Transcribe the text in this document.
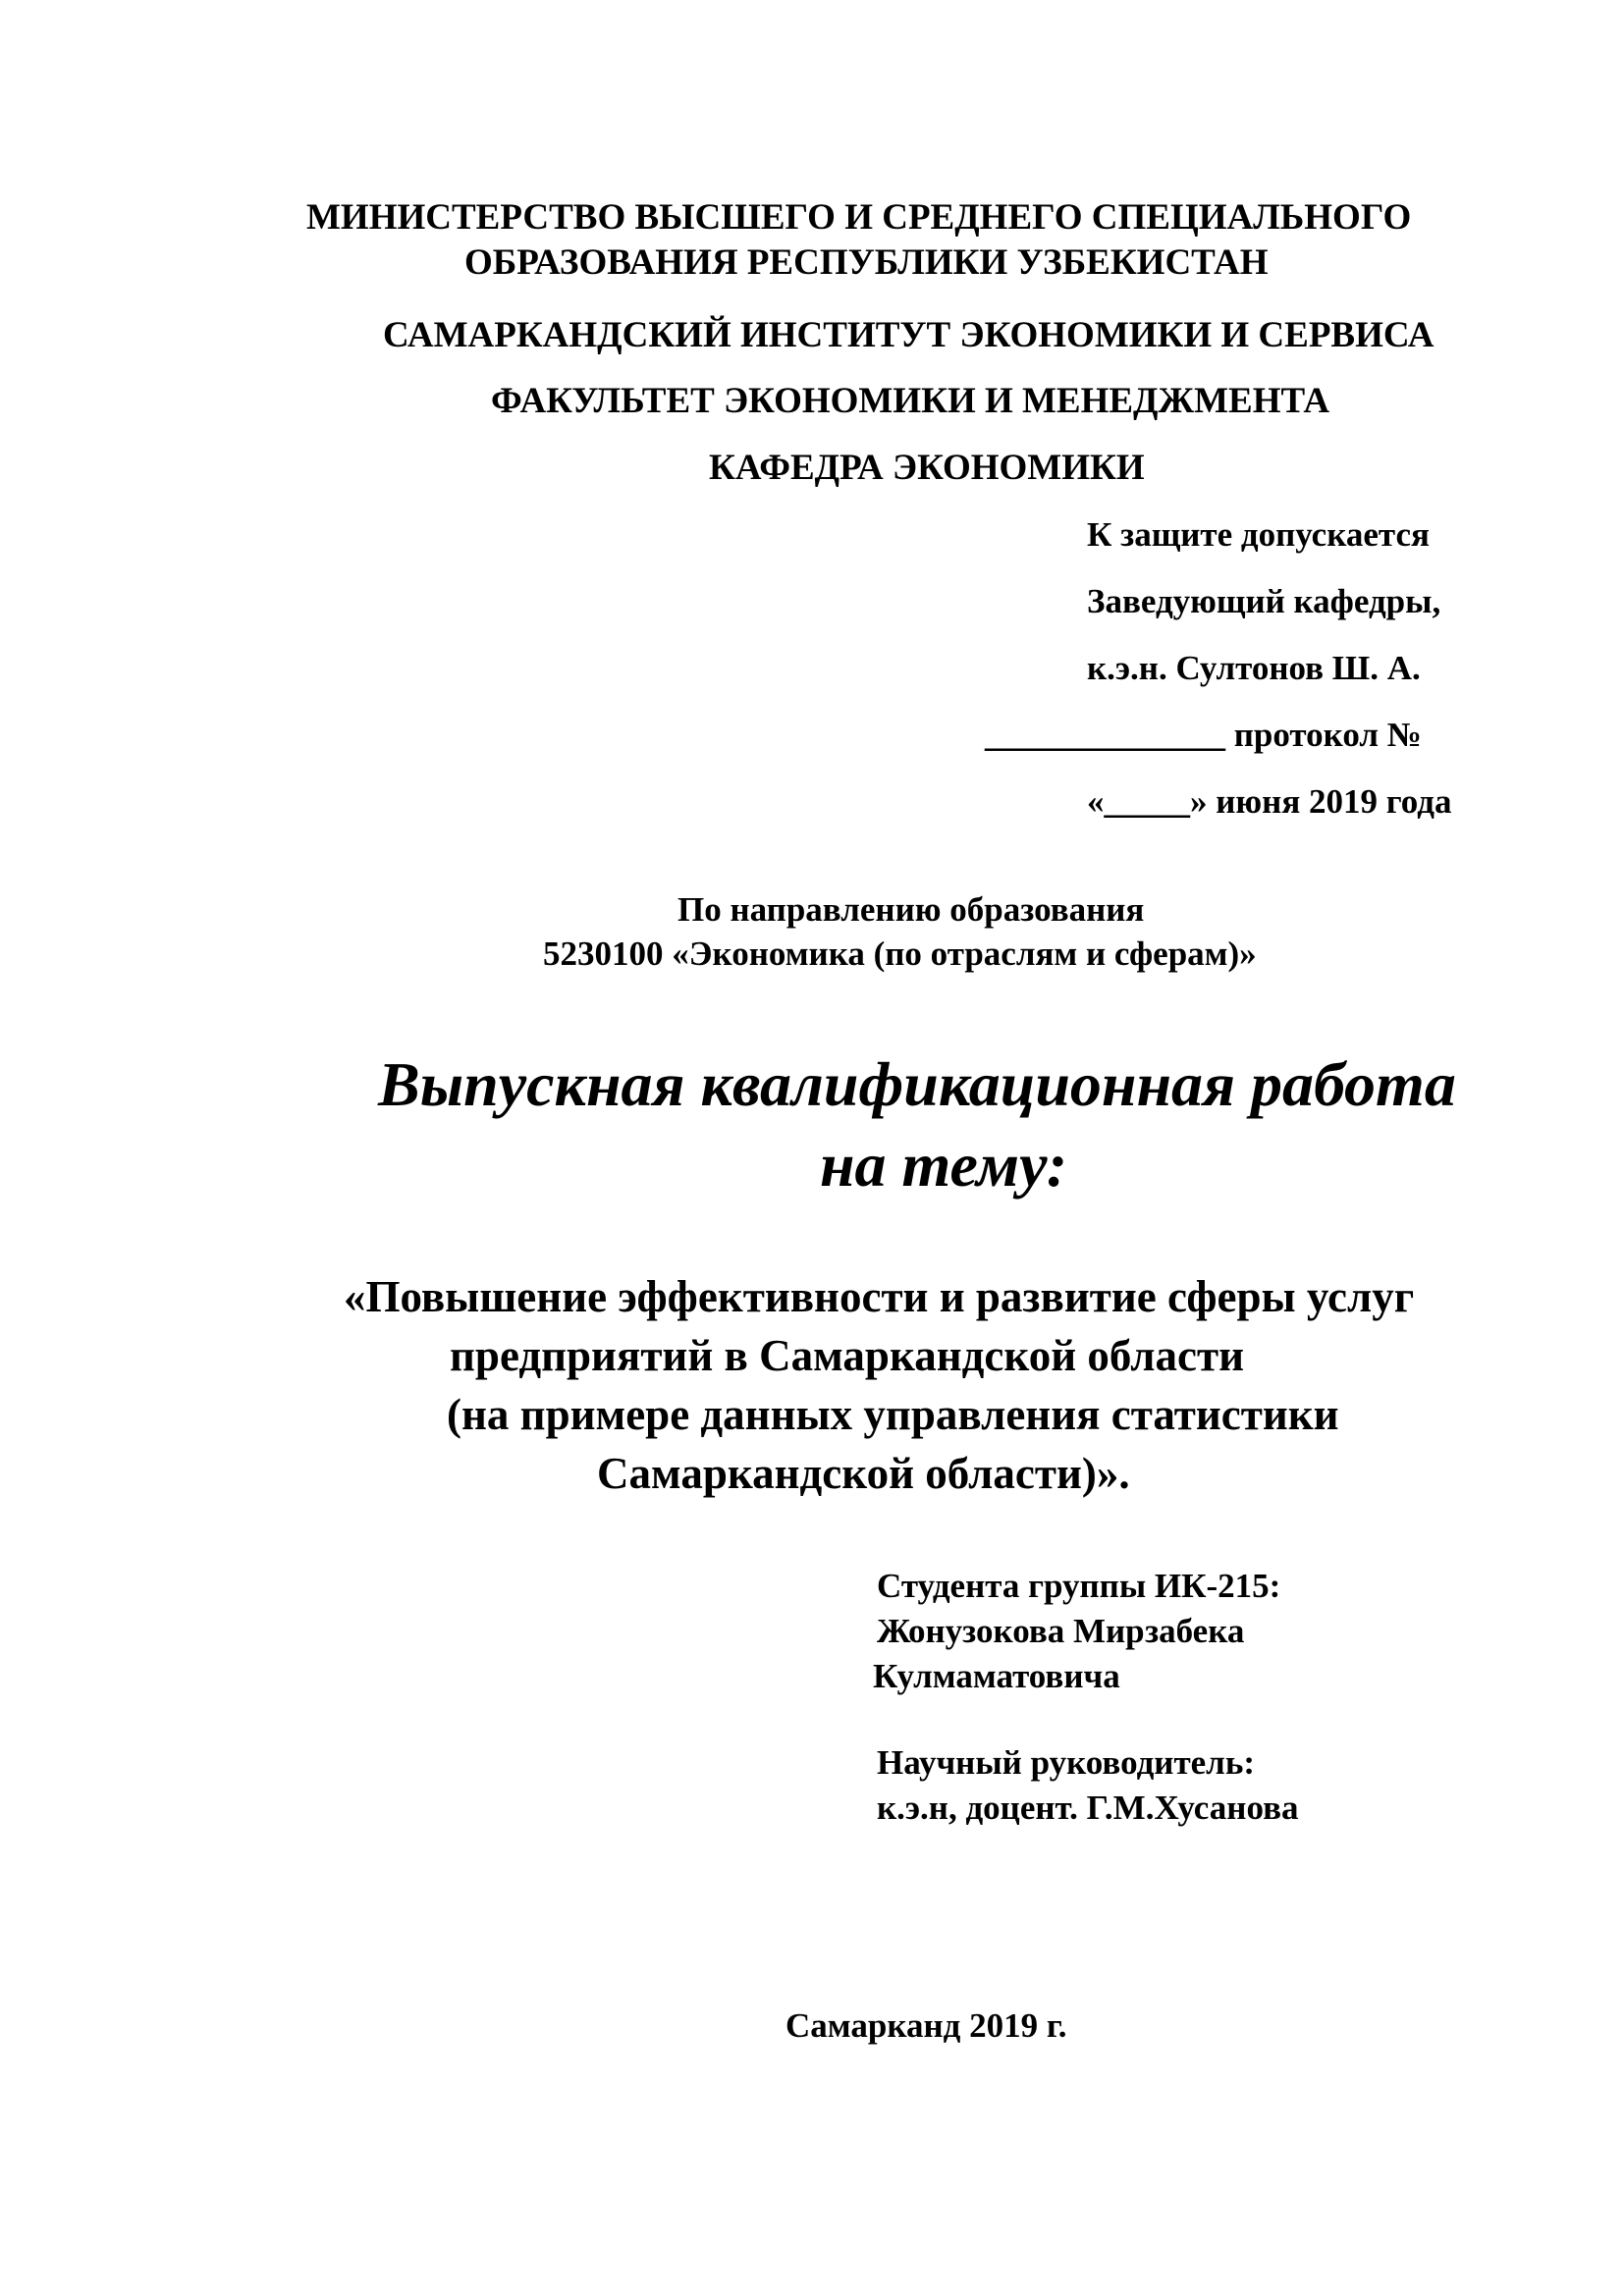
МИНИСТЕРСТВО ВЫСШЕГО И СРЕДНЕГО СПЕЦИАЛЬНОГО
ОБРАЗОВАНИЯ РЕСПУБЛИКИ УЗБЕКИСТАН
САМАРКАНДСКИЙ ИНСТИТУТ ЭКОНОМИКИ И СЕРВИСА
ФАКУЛЬТЕТ ЭКОНОМИКИ И МЕНЕДЖМЕНТА
КАФЕДРА ЭКОНОМИКИ
К защите допускается
Заведующий кафедры,
к.э.н. Султонов Ш. А.
______________ протокол №
«_____» июня 2019 года
По направлению образования
5230100 «Экономика (по отраслям и сферам)»
Выпускная квалификационная работа
на тему:
«Повышение эффективности и развитие сферы услуг
предприятий в Самаркандской области
(на примере данных управления статистики
Самаркандской области)».
Студента группы ИК-215:
Жонузокова Мирзабека
Кулмаматовича
Научный руководитель:
к.э.н, доцент. Г.М.Хусанова
Самарканд 2019 г.
